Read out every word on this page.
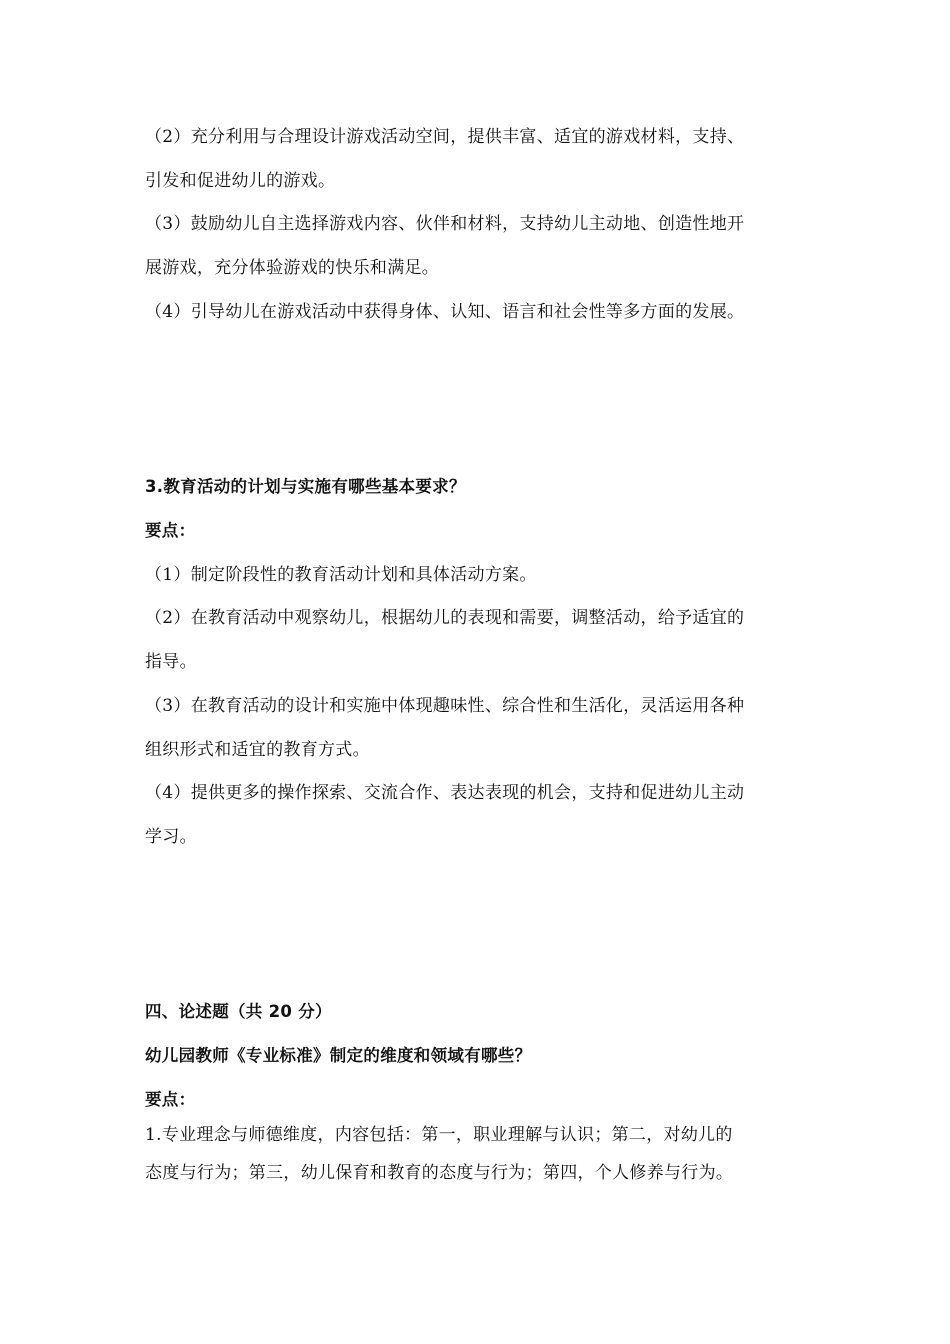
（2）充分利用与合理设计游戏活动空间，提供丰富、适宜的游戏材料，支持、
引发和促进幼儿的游戏。
（3）鼓励幼儿自主选择游戏内容、伙伴和材料，支持幼儿主动地、创造性地开
展游戏，充分体验游戏的快乐和满足。
（4）引导幼儿在游戏活动中获得身体、认知、语言和社会性等多方面的发展。
3.教育活动的计划与实施有哪些基本要求？
要点：
（1）制定阶段性的教育活动计划和具体活动方案。
（2）在教育活动中观察幼儿，根据幼儿的表现和需要，调整活动，给予适宜的
指导。
（3）在教育活动的设计和实施中体现趣味性、综合性和生活化，灵活运用各种
组织形式和适宜的教育方式。
（4）提供更多的操作探索、交流合作、表达表现的机会，支持和促进幼儿主动
学习。
四、论述题（共 20 分）
幼儿园教师《专业标准》制定的维度和领域有哪些？
要点：
1.专业理念与师德维度，内容包括：第一，职业理解与认识；第二，对幼儿的
态度与行为；第三，幼儿保育和教育的态度与行为；第四，个人修养与行为。
